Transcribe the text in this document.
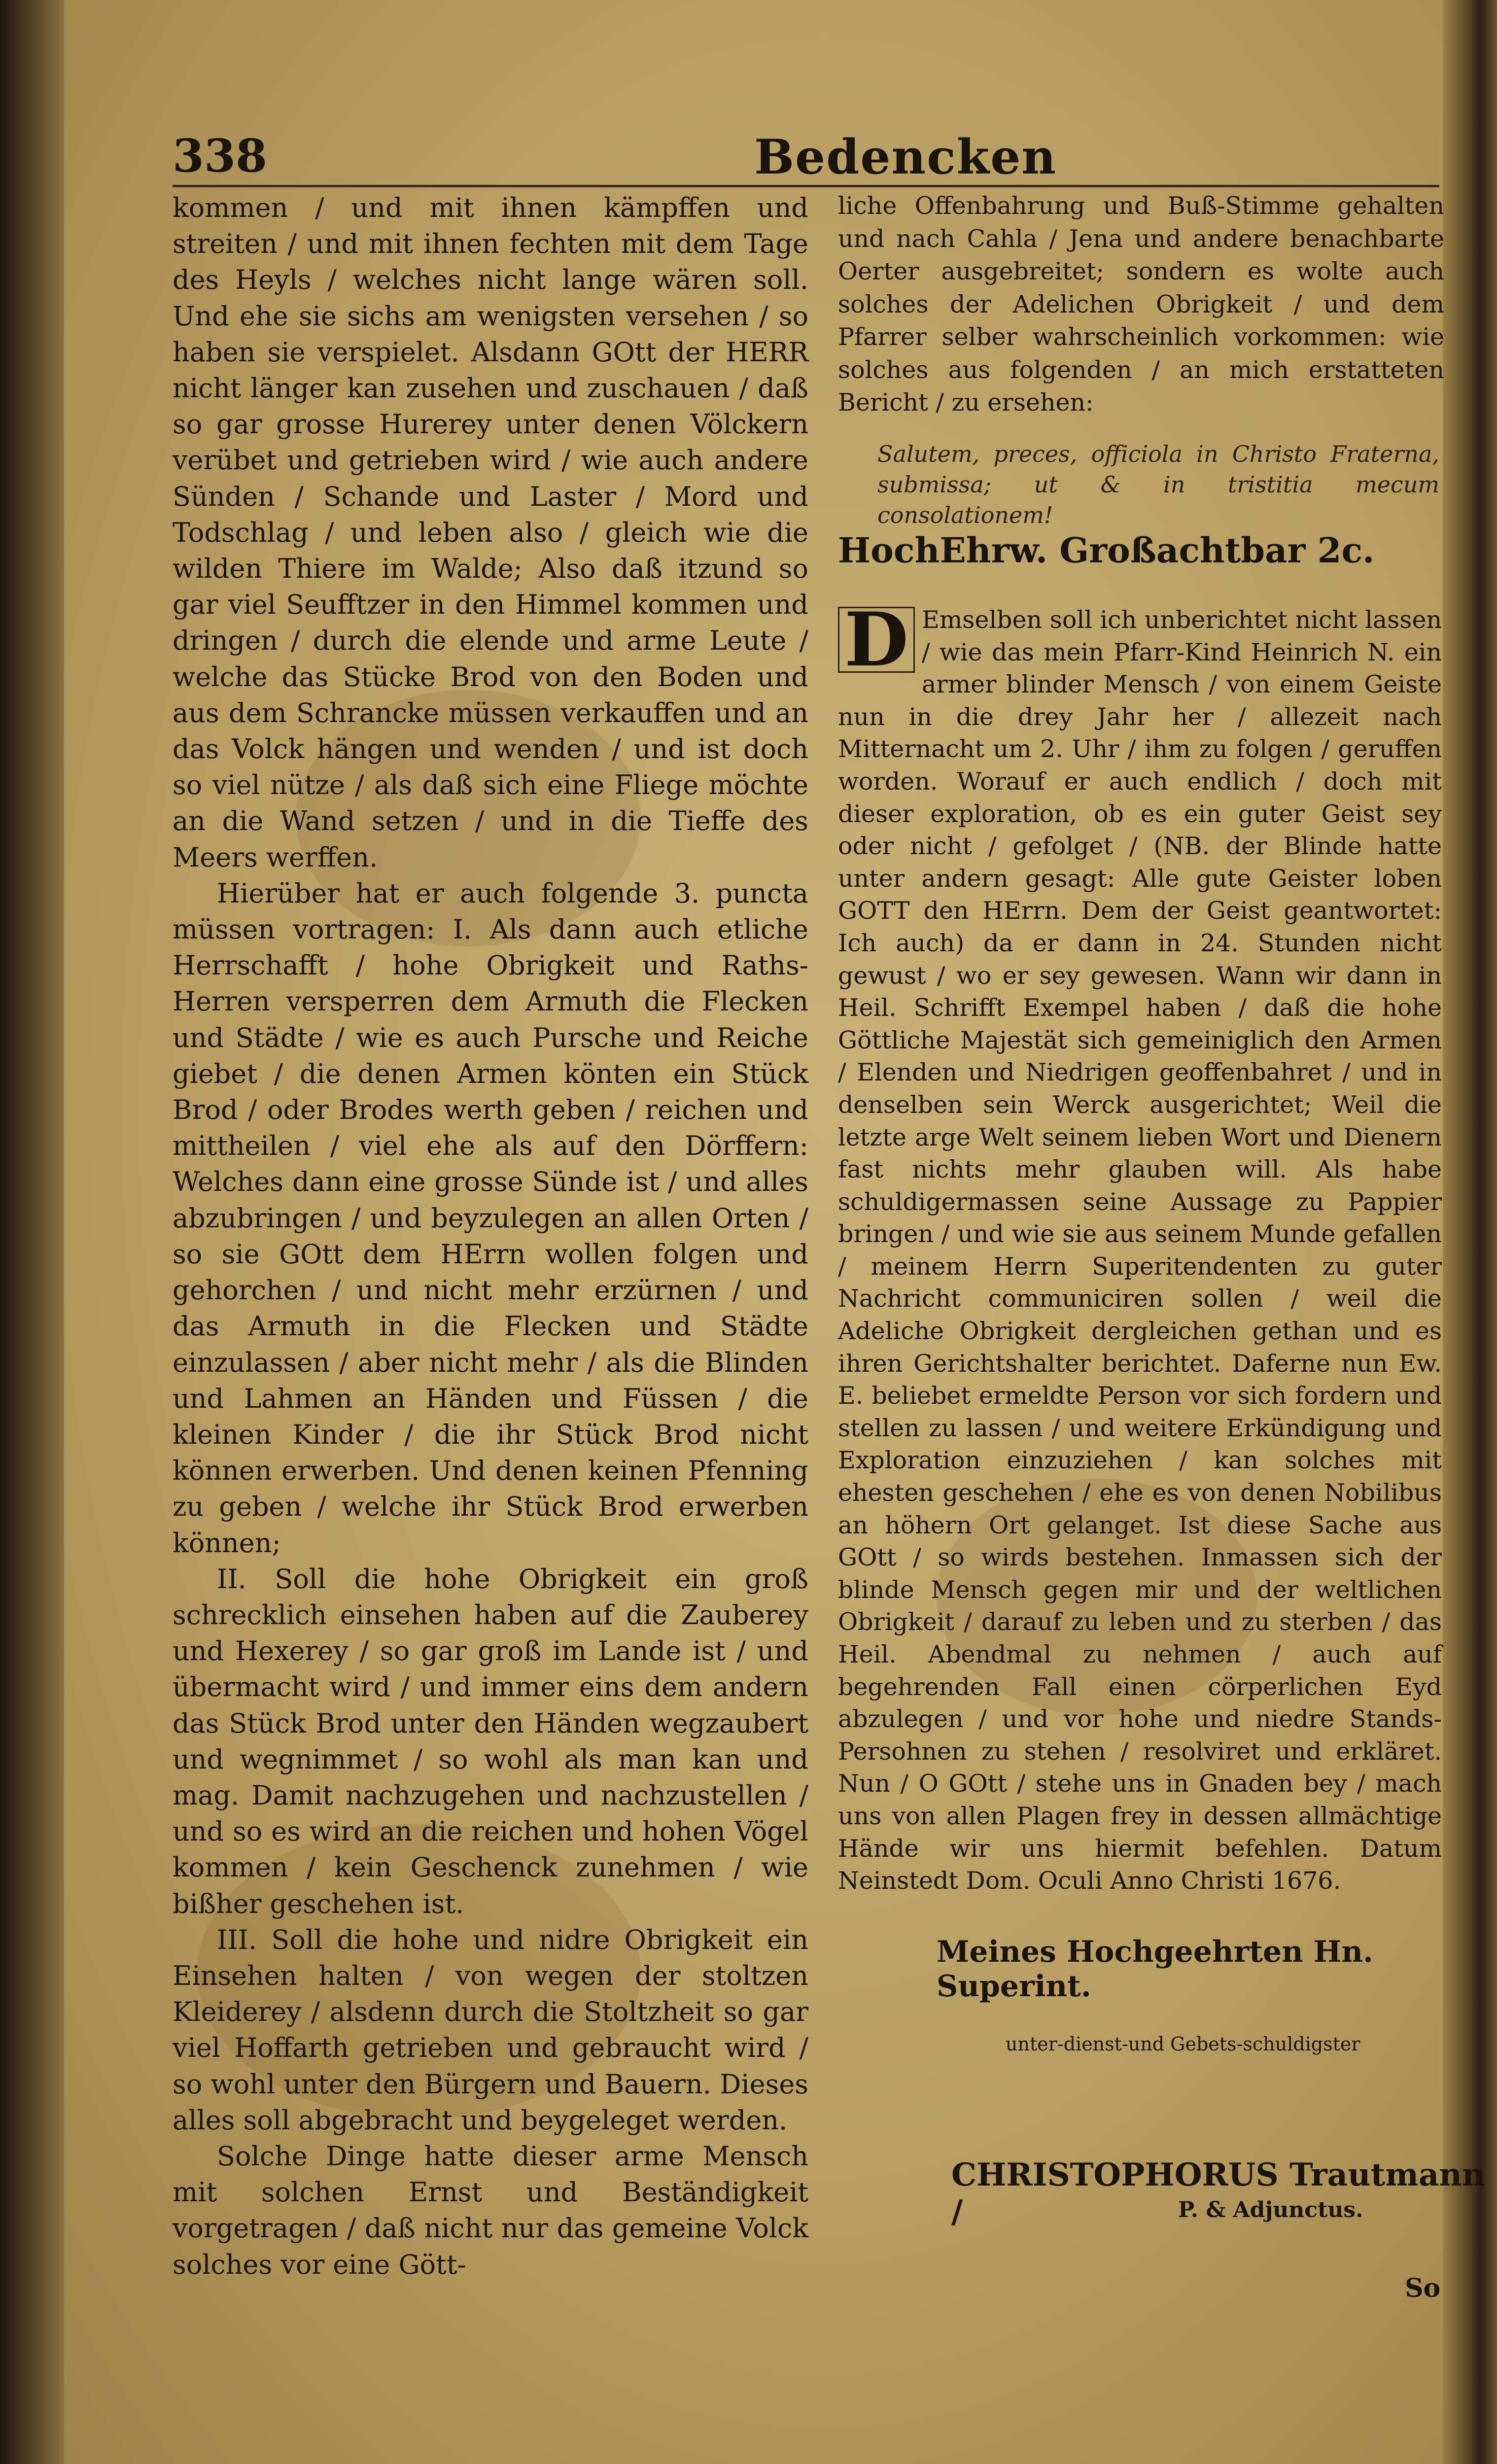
338	Bedencken

kommen / und mit ihnen kämpffen und streiten / und mit ihnen fechten mit dem Tage des Heyls / welches nicht lange wären soll. Und ehe sie sichs am wenigsten versehen / so haben sie verspielet. Alsdann GOtt der HERR nicht länger kan zusehen und zuschauen / daß so gar grosse Hurerey unter denen Völckern verübet und getrieben wird / wie auch andere Sünden / Schande und Laster / Mord und Todschlag / und leben also / gleich wie die wilden Thiere im Walde; Also daß itzund so gar viel Seufftzer in den Himmel kommen und dringen / durch die elende und arme Leute / welche das Stücke Brod von den Boden und aus dem Schrancke müssen verkauffen und an das Volck hängen und wenden / und ist doch so viel nütze / als daß sich eine Fliege möchte an die Wand setzen / und in die Tieffe des Meers werffen.

Hierüber hat er auch folgende 3. puncta müssen vortragen: I. Als dann auch etliche Herrschafft / hohe Obrigkeit und Raths-Herren versperren dem Armuth die Flecken und Städte / wie es auch Pursche und Reiche giebet / die denen Armen könten ein Stück Brod / oder Brodes werth geben / reichen und mittheilen / viel ehe als auf den Dörffern: Welches dann eine grosse Sünde ist / und alles abzubringen / und beyzulegen an allen Orten / so sie GOtt dem HErrn wollen folgen und gehorchen / und nicht mehr erzürnen / und das Armuth in die Flecken und Städte einzulassen / aber nicht mehr / als die Blinden und Lahmen an Händen und Füssen / die kleinen Kinder / die ihr Stück Brod nicht können erwerben. Und denen keinen Pfenning zu geben / welche ihr Stück Brod erwerben können;

II. Soll die hohe Obrigkeit ein groß schrecklich einsehen haben auf die Zauberey und Hexerey / so gar groß im Lande ist / und übermacht wird / und immer eins dem andern das Stück Brod unter den Händen wegzaubert und wegnimmet / so wohl als man kan und mag. Damit nachzugehen und nachzustellen / und so es wird an die reichen und hohen Vögel kommen / kein Geschenck zunehmen / wie bißher geschehen ist.

III. Soll die hohe und nidre Obrigkeit ein Einsehen halten / von wegen der stoltzen Kleiderey / alsdenn durch die Stoltzheit so gar viel Hoffarth getrieben und gebraucht wird / so wohl unter den Bürgern und Bauern. Dieses alles soll abgebracht und beygeleget werden.

Solche Dinge hatte dieser arme Mensch mit solchen Ernst und Beständigkeit vorgetragen / daß nicht nur das gemeine Volck solches vor eine Gött-

liche Offenbahrung und Buß-Stimme gehalten und nach Cahla / Jena und andere benachbarte Oerter ausgebreitet; sondern es wolte auch solches der Adelichen Obrigkeit / und dem Pfarrer selber wahrscheinlich vorkommen: wie solches aus folgenden / an mich erstatteten Bericht / zu ersehen:

Salutem, preces, officiola in Christo Fraterna, submissa; ut & in tristitia mecum consolationem!
HochEhrw. Großachtbar 2c.
D Emselben soll ich unberichtet nicht lassen / wie das mein Pfarr-Kind Heinrich N. ein armer blinder Mensch / von einem Geiste nun in die drey Jahr her / allezeit nach Mitternacht um 2. Uhr / ihm zu folgen / geruffen worden. Worauf er auch endlich / doch mit dieser exploration, ob es ein guter Geist sey oder nicht / gefolget / (NB. der Blinde hatte unter andern gesagt: Alle gute Geister loben GOTT den HErrn. Dem der Geist geantwortet: Ich auch) da er dann in 24. Stunden nicht gewust / wo er sey gewesen. Wann wir dann in Heil. Schrifft Exempel haben / daß die hohe Göttliche Majestät sich gemeiniglich den Armen / Elenden und Niedrigen geoffenbahret / und in denselben sein Werck ausgerichtet; Weil die letzte arge Welt seinem lieben Wort und Dienern fast nichts mehr glauben will. Als habe schuldigermassen seine Aussage zu Pappier bringen / und wie sie aus seinem Munde gefallen / meinem Herrn Superitendenten zu guter Nachricht communiciren sollen / weil die Adeliche Obrigkeit dergleichen gethan und es ihren Gerichtshalter berichtet. Daferne nun Ew. E. beliebet ermeldte Person vor sich fordern und stellen zu lassen / und weitere Erkündigung und Exploration einzuziehen / kan solches mit ehesten geschehen / ehe es von denen Nobilibus an höhern Ort gelanget. Ist diese Sache aus GOtt / so wirds bestehen. Inmassen sich der blinde Mensch gegen mir und der weltlichen Obrigkeit / darauf zu leben und zu sterben / das Heil. Abendmal zu nehmen / auch auf begehrenden Fall einen cörperlichen Eyd abzulegen / und vor hohe und niedre Stands-Persohnen zu stehen / resolviret und erkläret. Nun / O GOtt / stehe uns in Gnaden bey / mach uns von allen Plagen frey in dessen allmächtige Hände wir uns hiermit befehlen. Datum Neinstedt Dom. Oculi Anno Christi 1676.
Meines Hochgeehrten Hn. Superint.
unter-dienst-und Gebets-schuldigster
CHRISTOPHORUS Trautmann /	P. & Adjunctus.
So
